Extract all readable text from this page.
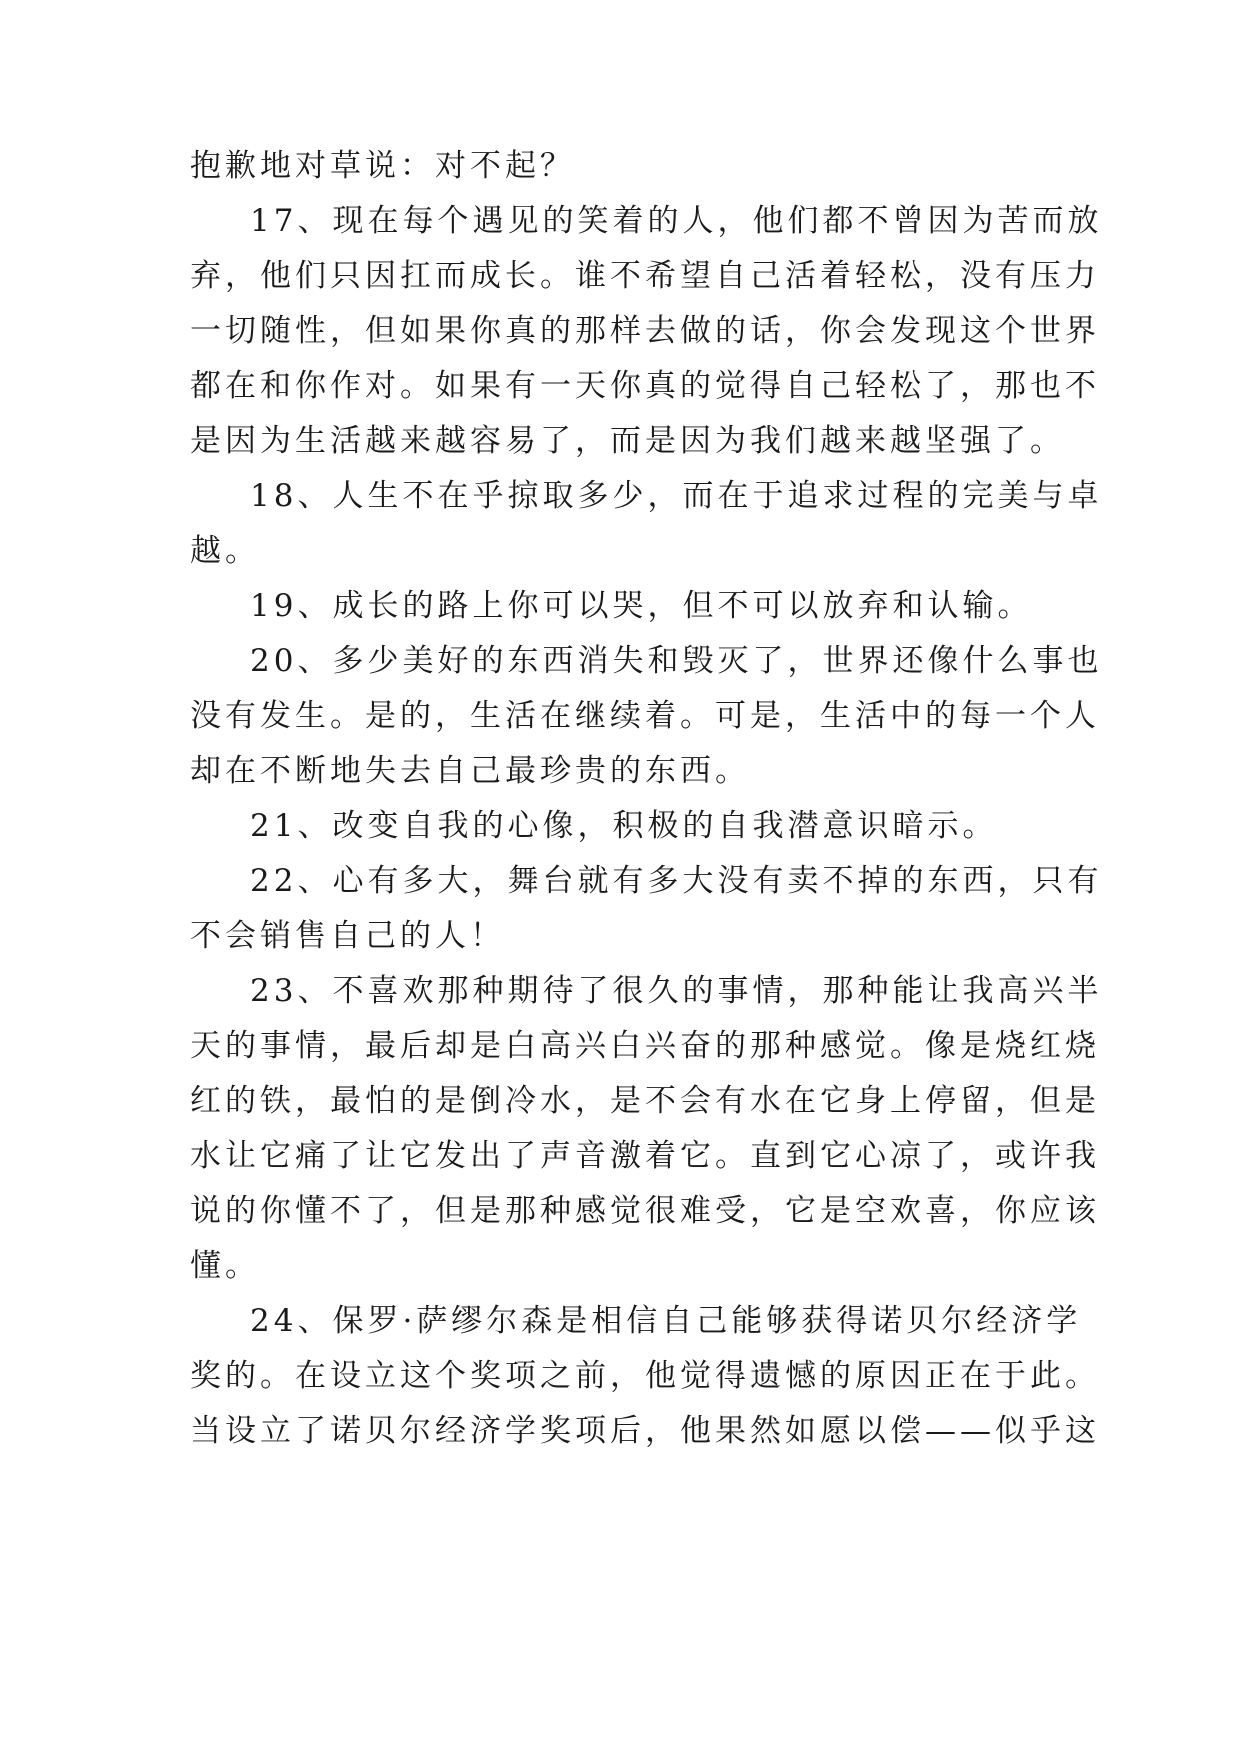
抱歉地对草说：对不起？
17、现在每个遇见的笑着的人，他们都不曾因为苦而放
弃，他们只因扛而成长。谁不希望自己活着轻松，没有压力
一切随性，但如果你真的那样去做的话，你会发现这个世界
都在和你作对。如果有一天你真的觉得自己轻松了，那也不
是因为生活越来越容易了，而是因为我们越来越坚强了。
18、人生不在乎掠取多少，而在于追求过程的完美与卓
越。
19、成长的路上你可以哭，但不可以放弃和认输。
20、多少美好的东西消失和毁灭了，世界还像什么事也
没有发生。是的，生活在继续着。可是，生活中的每一个人
却在不断地失去自己最珍贵的东西。
21、改变自我的心像，积极的自我潜意识暗示。
22、心有多大，舞台就有多大没有卖不掉的东西，只有
不会销售自己的人！
23、不喜欢那种期待了很久的事情，那种能让我高兴半
天的事情，最后却是白高兴白兴奋的那种感觉。像是烧红烧
红的铁，最怕的是倒冷水，是不会有水在它身上停留，但是
水让它痛了让它发出了声音激着它。直到它心凉了，或许我
说的你懂不了，但是那种感觉很难受，它是空欢喜，你应该
懂。
24、保罗·萨缪尔森是相信自己能够获得诺贝尔经济学
奖的。在设立这个奖项之前，他觉得遗憾的原因正在于此。
当设立了诺贝尔经济学奖项后，他果然如愿以偿——似乎这
